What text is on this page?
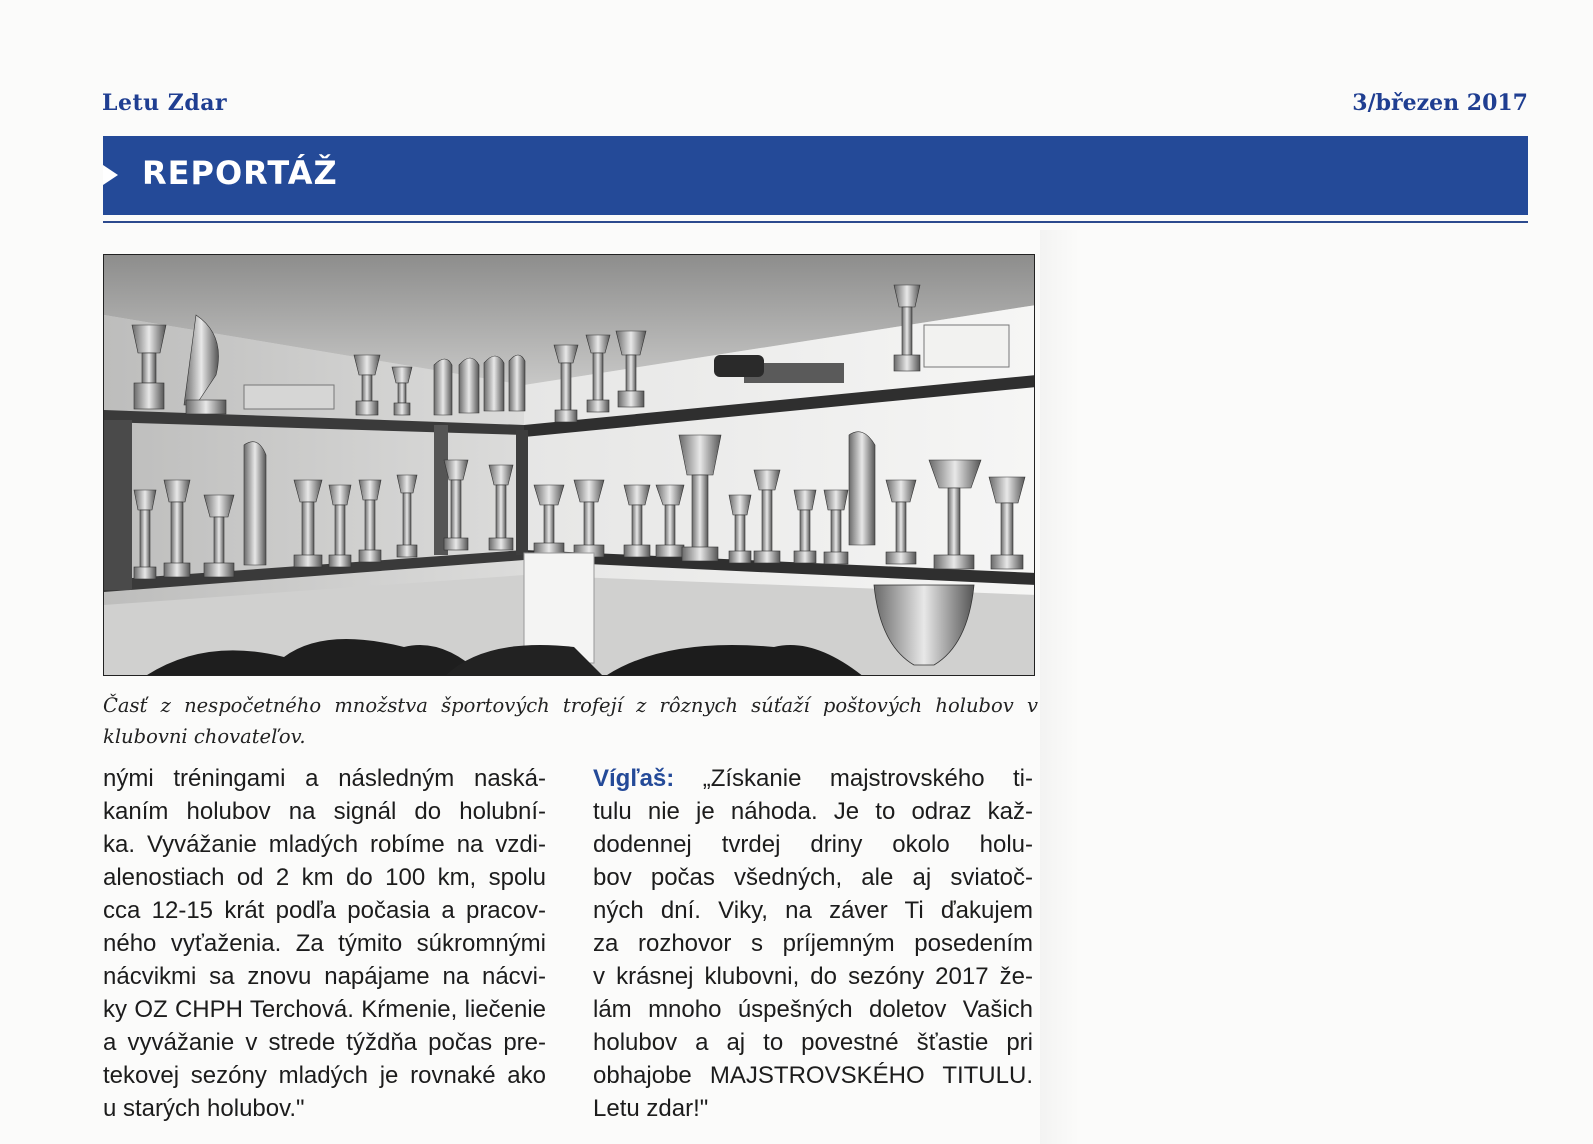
Letu Zdar	3/březen 2017
REPORTÁŽ
Časť z nespočetného množstva športových trofejí z rôznych súťaží poštových holubov v klubovni chovateľov.
nými tréningami a následným naská-
kaním holubov na signál do holubní-
ka. Vyvážanie mladých robíme na vzdi-
alenostiach od 2 km do 100 km, spolu
cca 12-15 krát podľa počasia a pracov-
ného vyťaženia. Za týmito súkromnými
nácvikmi sa znovu napájame na nácvi-
ky OZ CHPH Terchová. Kŕmenie, liečenie
a vyvážanie v strede týždňa počas pre-
tekovej sezóny mladých je rovnaké ako
u starých holubov."
Vígľaš: „Získanie majstrovského ti-
tulu nie je náhoda. Je to odraz kaž-
dodennej tvrdej driny okolo holu-
bov počas všedných, ale aj sviatoč-
ných dní. Viky, na záver Ti ďakujem
za rozhovor s príjemným posedením
v krásnej klubovni, do sezóny 2017 že-
lám mnoho úspešných doletov Vašich
holubov a aj to povestné šťastie pri
obhajobe MAJSTROVSKÉHO TITULU.
Letu zdar!"
